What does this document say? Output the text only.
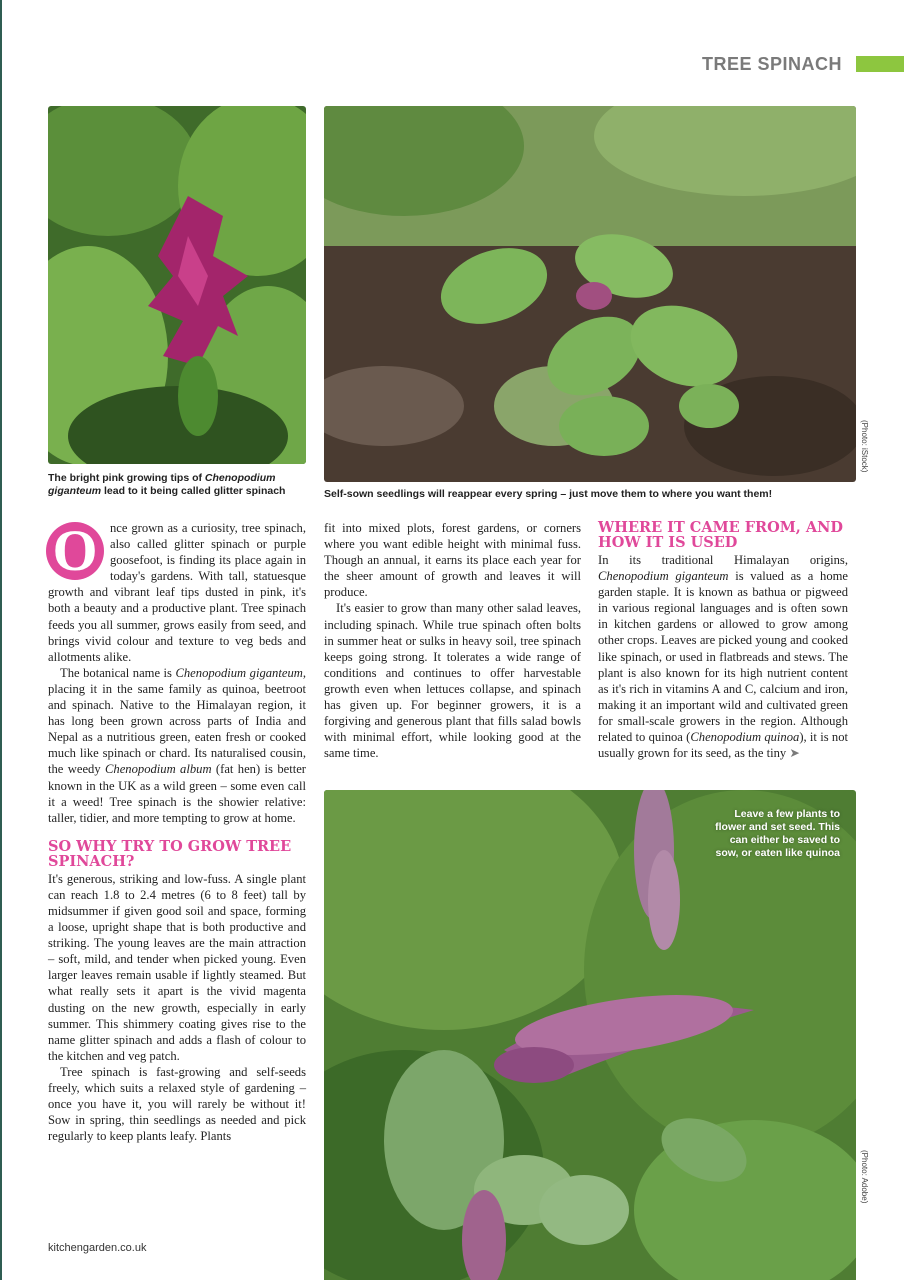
TREE SPINACH
The bright pink growing tips of Chenopodium giganteum lead to it being called glitter spinach	Self-sown seedlings will reappear every spring – just move them to where you want them!
(Photo: iStock)

O nce grown as a curiosity, tree spinach, also called glitter spinach or purple goosefoot, is finding its place again in today's gardens. With tall, statuesque growth and vibrant leaf tips dusted in pink, it's both a beauty and a productive plant. Tree spinach feeds you all summer, grows easily from seed, and brings vivid colour and texture to veg beds and allotments alike.

The botanical name is Chenopodium giganteum, placing it in the same family as quinoa, beetroot and spinach. Native to the Himalayan region, it has long been grown across parts of India and Nepal as a nutritious green, eaten fresh or cooked much like spinach or chard. Its naturalised cousin, the weedy Chenopodium album (fat hen) is better known in the UK as a wild green – some even call it a weed! Tree spinach is the showier relative: taller, tidier, and more tempting to grow at home.

SO WHY TRY TO GROW TREE SPINACH?

It's generous, striking and low-fuss. A single plant can reach 1.8 to 2.4 metres (6 to 8 feet) tall by midsummer if given good soil and space, forming a loose, upright shape that is both productive and striking. The young leaves are the main attraction – soft, mild, and tender when picked young. Even larger leaves remain usable if lightly steamed. But what really sets it apart is the vivid magenta dusting on the new growth, especially in early summer. This shimmery coating gives rise to the name glitter spinach and adds a flash of colour to the kitchen and veg patch.

Tree spinach is fast-growing and self-seeds freely, which suits a relaxed style of gardening – once you have it, you will rarely be without it! Sow in spring, thin seedlings as needed and pick regularly to keep plants leafy. Plants

fit into mixed plots, forest gardens, or corners where you want edible height with minimal fuss. Though an annual, it earns its place each year for the sheer amount of growth and leaves it will produce.

It's easier to grow than many other salad leaves, including spinach. While true spinach often bolts in summer heat or sulks in heavy soil, tree spinach keeps going strong. It tolerates a wide range of conditions and continues to offer harvestable growth even when lettuces collapse, and spinach has given up. For beginner growers, it is a forgiving and generous plant that fills salad bowls with minimal effort, while looking good at the same time.

WHERE IT CAME FROM, AND HOW IT IS USED

In its traditional Himalayan origins, Chenopodium giganteum is valued as a home garden staple. It is known as bathua or pigweed in various regional languages and is often sown in kitchen gardens or allowed to grow among other crops. Leaves are picked young and cooked like spinach, or used in flatbreads and stews. The plant is also known for its high nutrient content as it's rich in vitamins A and C, calcium and iron, making it an important wild and cultivated green for small-scale growers in the region. Although related to quinoa (Chenopodium quinoa), it is not usually grown for its seed, as the tiny ➤

Leave a few plants to flower and set seed. This can either be saved to sow, or eaten like quinoa
(Photo: Adobe)
kitchengarden.co.uk
